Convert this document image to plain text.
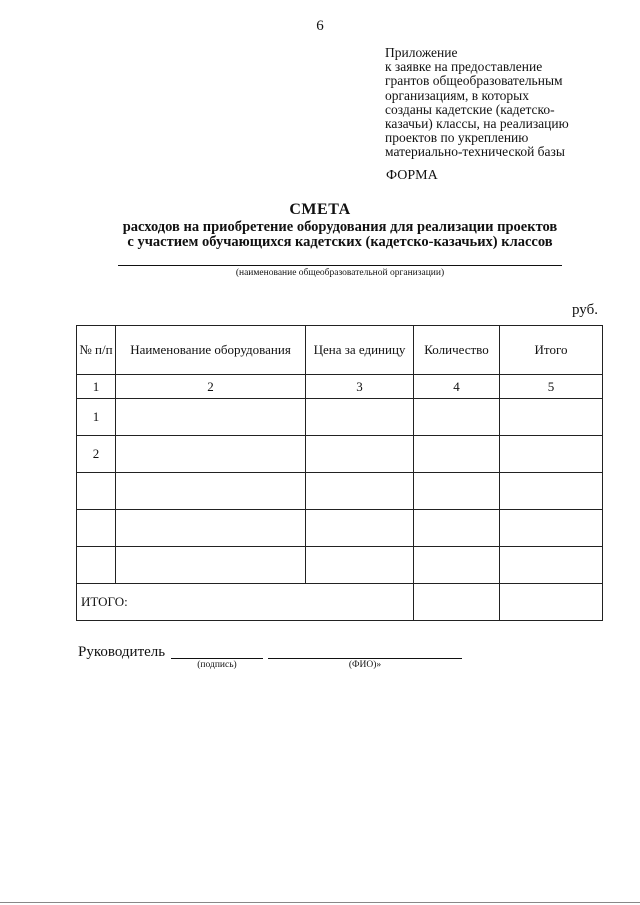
6
Приложение
к заявке на предоставление
грантов общеобразовательным
организациям, в которых
созданы кадетские (кадетско-
казачьи) классы, на реализацию
проектов по укреплению
материально-технической базы
ФОРМА
СМЕТА
расходов на приобретение оборудования для реализации проектов
с участием обучающихся кадетских (кадетско-казачьих) классов
(наименование общеобразовательной организации)
руб.
№ п/п	Наименование оборудования	Цена за единицу	Количество	Итого
1	2	3	4	5
1				
2				

ИТОГО:				
Руководитель
(подпись)	(ФИО)»
